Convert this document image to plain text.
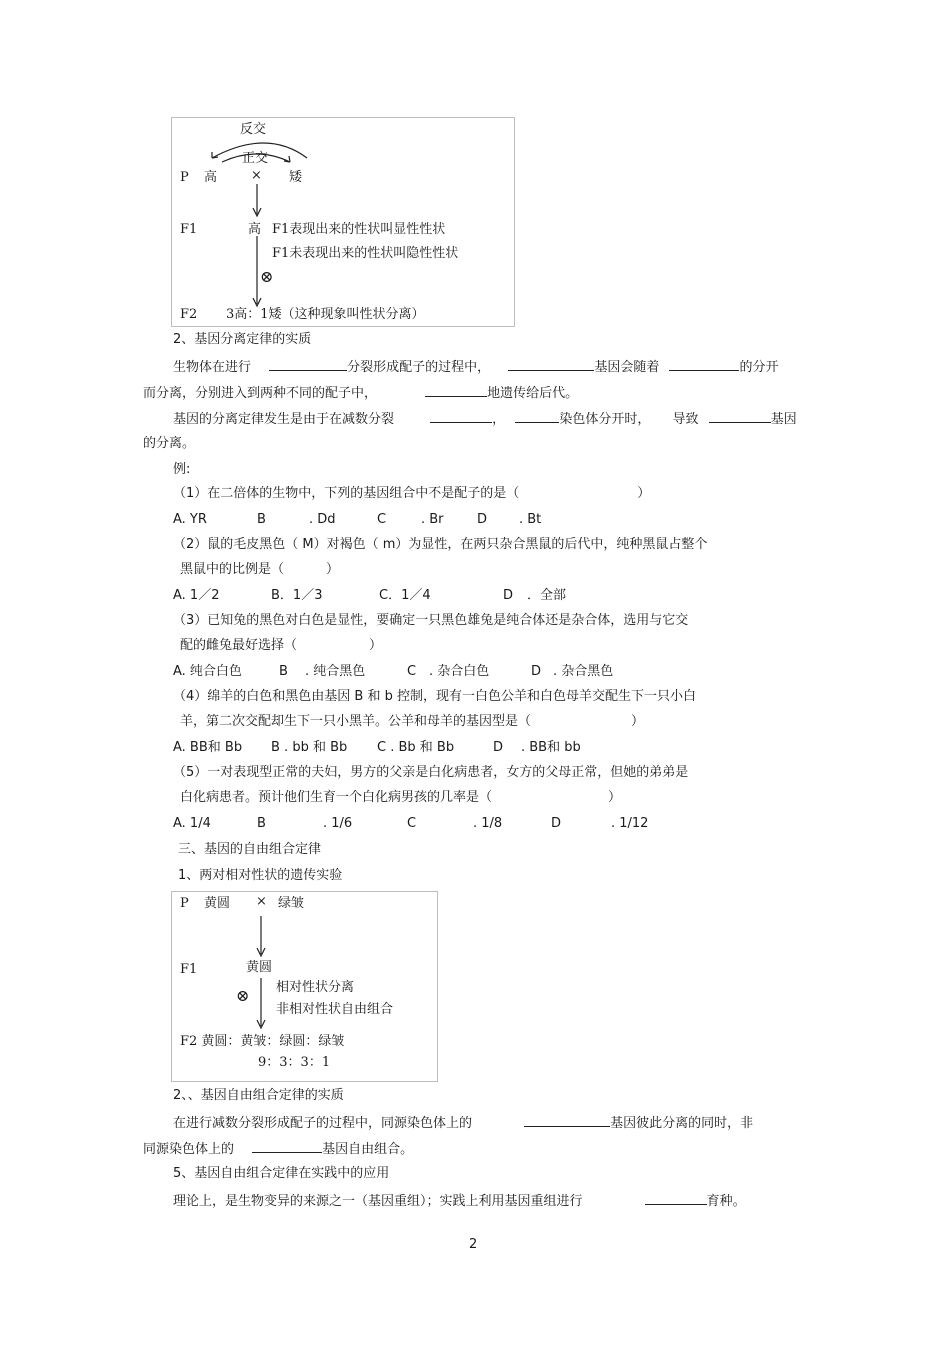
反交
正交
P 高	× 矮
F1	高 F1表现出来的性状叫显性性状
F1未表现出来的性状叫隐性性状
⊗
F2 3高：1矮（这种现象叫性状分离）
2、基因分离定律的实质
生物体在进行	分裂形成配子的过程中，	基因会随着	的分开
而分离，分别进入到两种不同的配子中，	地遗传给后代。
基因的分离定律发生是由于在减数分裂	，	染色体分开时， 导致	基因
的分离。
例:
（1）在二倍体的生物中，下列的基因组合中不是配子的是（	）
A. YR	B	. Dd	C	. Br	D . Bt
（2）鼠的毛皮黑色（ M）对褐色（ m）为显性，在两只杂合黑鼠的后代中，纯种黑鼠占整个
黑鼠中的比例是（	）
A. 1／2	B．1／3	C．1／4	D ．全部
（3）已知兔的黑色对白色是显性，要确定一只黑色雄兔是纯合体还是杂合体，选用与它交
配的雌兔最好选择（	）
A. 纯合白色	B . 纯合黑色	C . 杂合白色	D . 杂合黑色
（4）绵羊的白色和黑色由基因 B 和 b 控制，现有一白色公羊和白色母羊交配生下一只小白
羊，第二次交配却生下一只小黑羊。公羊和母羊的基因型是（	）
A. BB和 Bb B . bb 和 Bb C . Bb 和 Bb	D . BB和 bb
（5）一对表现型正常的夫妇，男方的父亲是白化病患者，女方的父母正常，但她的弟弟是
白化病患者。预计他们生育一个白化病男孩的几率是（	）
A. 1/4	B	. 1/6	C	. 1/8	D	. 1/12
三、基因的自由组合定律
1、两对相对性状的遗传实验
P 黄圆 × 绿皱
F1	黄圆
⊗ 相对性状分离
非相对性状自由组合
F2 黄圆：黄皱：绿圆：绿皱
9：3：3：1
2、、基因自由组合定律的实质
在进行减数分裂形成配子的过程中，同源染色体上的	基因彼此分离的同时，非
同源染色体上的	基因自由组合。
5、基因自由组合定律在实践中的应用
理论上，是生物变异的来源之一（基因重组）；实践上利用基因重组进行	育种。
2
